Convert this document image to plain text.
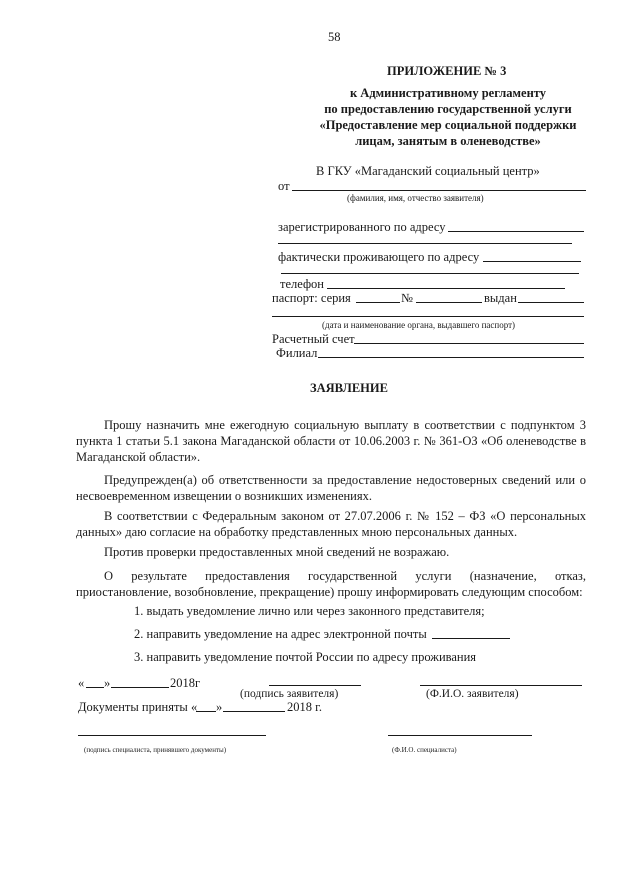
58
ПРИЛОЖЕНИЕ № 3
к Административному регламенту
по предоставлению государственной услуги
«Предоставление мер социальной поддержки
лицам, занятым в оленеводстве»
В ГКУ «Магаданский социальный центр»
от
(фамилия, имя, отчество заявителя)
зарегистрированного по адресу
фактически проживающего по адресу
телефон
паспорт: серия	№	выдан
(дата и наименование органа, выдавшего паспорт)
Расчетный счет
Филиал
ЗАЯВЛЕНИЕ
Прошу назначить мне ежегодную социальную выплату в соответствии с подпунктом 3 пункта 1 статьи 5.1 закона Магаданской области от 10.06.2003 г. № 361-ОЗ «Об оленеводстве в Магаданской области».
Предупрежден(а) об ответственности за предоставление недостоверных сведений или о несвоевременном извещении о возникших изменениях.
В соответствии с Федеральным законом от 27.07.2006 г. № 152 – ФЗ «О персональных данных» даю согласие на обработку представленных мною персональных данных.
Против проверки предоставленных мной сведений не возражаю.
О результате предоставления государственной услуги (назначение, отказ, приостановление, возобновление, прекращение) прошу информировать следующим способом:
1. выдать уведомление лично или через законного представителя;
2. направить уведомление на адрес электронной почты
3. направить уведомление почтой России по адресу проживания
« »	2018г
(подпись заявителя)	(Ф.И.О. заявителя)
Документы приняты « »	2018 г.
(подпись специалиста, принявшего документы)	(Ф.И.О. специалиста)
